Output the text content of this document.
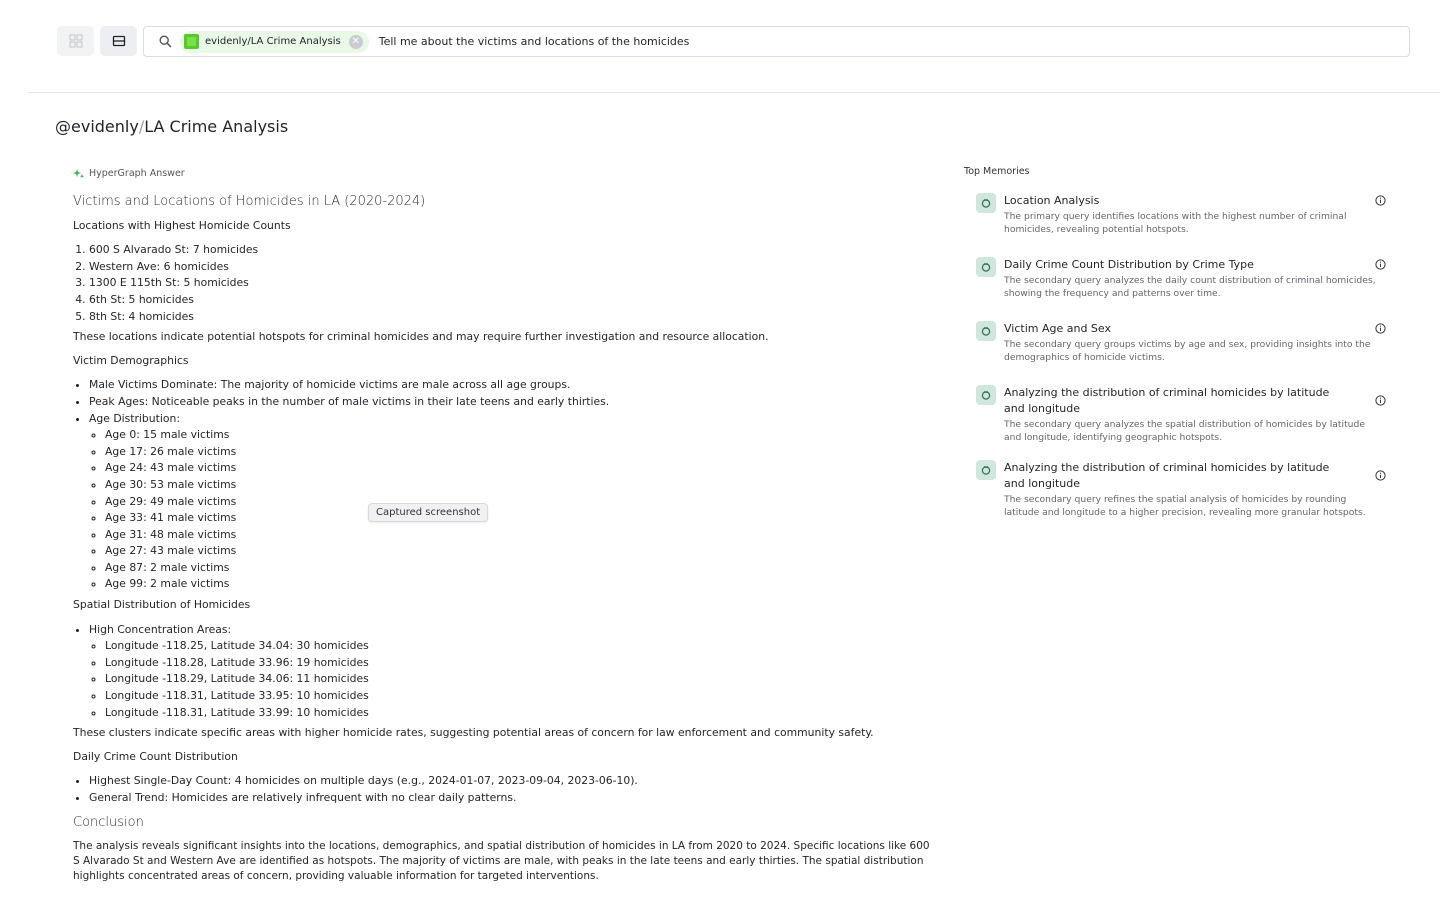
evidenly/LA Crime Analysis ✕ Tell me about the victims and locations of the homicides
@evidenly/LA Crime Analysis
HyperGraph Answer
Victims and Locations of Homicides in LA (2020-2024)
Locations with Highest Homicide Counts
1. 600 S Alvarado St: 7 homicides
2. Western Ave: 6 homicides
3. 1300 E 115th St: 5 homicides
4. 6th St: 5 homicides
5. 8th St: 4 homicides
These locations indicate potential hotspots for criminal homicides and may require further investigation and resource allocation.
Victim Demographics
• Male Victims Dominate: The majority of homicide victims are male across all age groups.
• Peak Ages: Noticeable peaks in the number of male victims in their late teens and early thirties.
• Age Distribution:
◦ Age 0: 15 male victims
◦ Age 17: 26 male victims
◦ Age 24: 43 male victims
◦ Age 30: 53 male victims
◦ Age 29: 49 male victims
◦ Age 33: 41 male victims
◦ Age 31: 48 male victims
◦ Age 27: 43 male victims
◦ Age 87: 2 male victims
◦ Age 99: 2 male victims
Spatial Distribution of Homicides
• High Concentration Areas:
◦ Longitude -118.25, Latitude 34.04: 30 homicides
◦ Longitude -118.28, Latitude 33.96: 19 homicides
◦ Longitude -118.29, Latitude 34.06: 11 homicides
◦ Longitude -118.31, Latitude 33.95: 10 homicides
◦ Longitude -118.31, Latitude 33.99: 10 homicides
These clusters indicate specific areas with higher homicide rates, suggesting potential areas of concern for law enforcement and community safety.
Daily Crime Count Distribution
• Highest Single-Day Count: 4 homicides on multiple days (e.g., 2024-01-07, 2023-09-04, 2023-06-10).
• General Trend: Homicides are relatively infrequent with no clear daily patterns.
Conclusion
The analysis reveals significant insights into the locations, demographics, and spatial distribution of homicides in LA from 2020 to 2024. Specific locations like 600 S Alvarado St and Western Ave are identified as hotspots. The majority of victims are male, with peaks in the late teens and early thirties. The spatial distribution highlights concentrated areas of concern, providing valuable information for targeted interventions.
Captured screenshot
Top Memories
Location Analysis
The primary query identifies locations with the highest number of criminal homicides, revealing potential hotspots.
Daily Crime Count Distribution by Crime Type
The secondary query analyzes the daily count distribution of criminal homicides, showing the frequency and patterns over time.
Victim Age and Sex
The secondary query groups victims by age and sex, providing insights into the demographics of homicide victims.
Analyzing the distribution of criminal homicides by latitude and longitude
The secondary query analyzes the spatial distribution of homicides by latitude and longitude, identifying geographic hotspots.
Analyzing the distribution of criminal homicides by latitude and longitude
The secondary query refines the spatial analysis of homicides by rounding latitude and longitude to a higher precision, revealing more granular hotspots.
